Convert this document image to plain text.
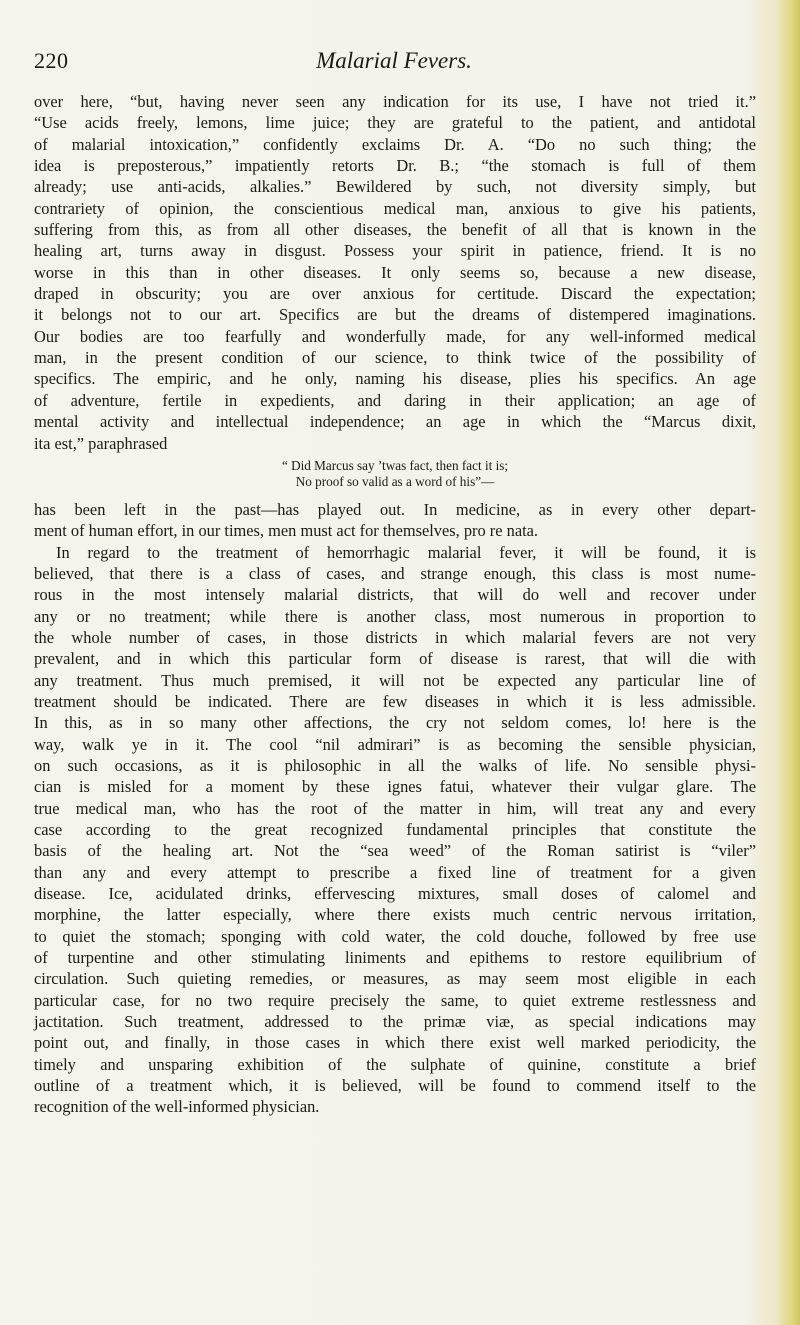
220	Malarial Fevers.
over here, “but, having never seen any indication for its use, I have not tried it.”
“Use acids freely, lemons, lime juice; they are grateful to the patient, and antidotal
of malarial intoxication,” confidently exclaims Dr. A. “Do no such thing; the
idea is preposterous,” impatiently retorts Dr. B.; “the stomach is full of them
already; use anti-acids, alkalies.” Bewildered by such, not diversity simply, but
contrariety of opinion, the conscientious medical man, anxious to give his patients,
suffering from this, as from all other diseases, the benefit of all that is known in the
healing art, turns away in disgust. Possess your spirit in patience, friend. It is no
worse in this than in other diseases. It only seems so, because a new disease,
draped in obscurity; you are over anxious for certitude. Discard the expectation;
it belongs not to our art. Specifics are but the dreams of distempered imaginations.
Our bodies are too fearfully and wonderfully made, for any well-informed medical
man, in the present condition of our science, to think twice of the possibility of
specifics. The empiric, and he only, naming his disease, plies his specifics. An age
of adventure, fertile in expedients, and daring in their application; an age of
mental activity and intellectual independence; an age in which the “Marcus dixit,
ita est,” paraphrased
“ Did Marcus say ’twas fact, then fact it is;
No proof so valid as a word of his”—
has been left in the past—has played out. In medicine, as in every other depart-
ment of human effort, in our times, men must act for themselves, pro re nata.
In regard to the treatment of hemorrhagic malarial fever, it will be found, it is
believed, that there is a class of cases, and strange enough, this class is most nume-
rous in the most intensely malarial districts, that will do well and recover under
any or no treatment; while there is another class, most numerous in proportion to
the whole number of cases, in those districts in which malarial fevers are not very
prevalent, and in which this particular form of disease is rarest, that will die with
any treatment. Thus much premised, it will not be expected any particular line of
treatment should be indicated. There are few diseases in which it is less admissible.
In this, as in so many other affections, the cry not seldom comes, lo! here is the
way, walk ye in it. The cool “nil admirari” is as becoming the sensible physician,
on such occasions, as it is philosophic in all the walks of life. No sensible physi-
cian is misled for a moment by these ignes fatui, whatever their vulgar glare. The
true medical man, who has the root of the matter in him, will treat any and every
case according to the great recognized fundamental principles that constitute the
basis of the healing art. Not the “sea weed” of the Roman satirist is “viler”
than any and every attempt to prescribe a fixed line of treatment for a given
disease. Ice, acidulated drinks, effervescing mixtures, small doses of calomel and
morphine, the latter especially, where there exists much centric nervous irritation,
to quiet the stomach; sponging with cold water, the cold douche, followed by free use
of turpentine and other stimulating liniments and epithems to restore equilibrium of
circulation. Such quieting remedies, or measures, as may seem most eligible in each
particular case, for no two require precisely the same, to quiet extreme restlessness and
jactitation. Such treatment, addressed to the primæ viæ, as special indications may
point out, and finally, in those cases in which there exist well marked periodicity, the
timely and unsparing exhibition of the sulphate of quinine, constitute a brief
outline of a treatment which, it is believed, will be found to commend itself to the
recognition of the well-informed physician.
